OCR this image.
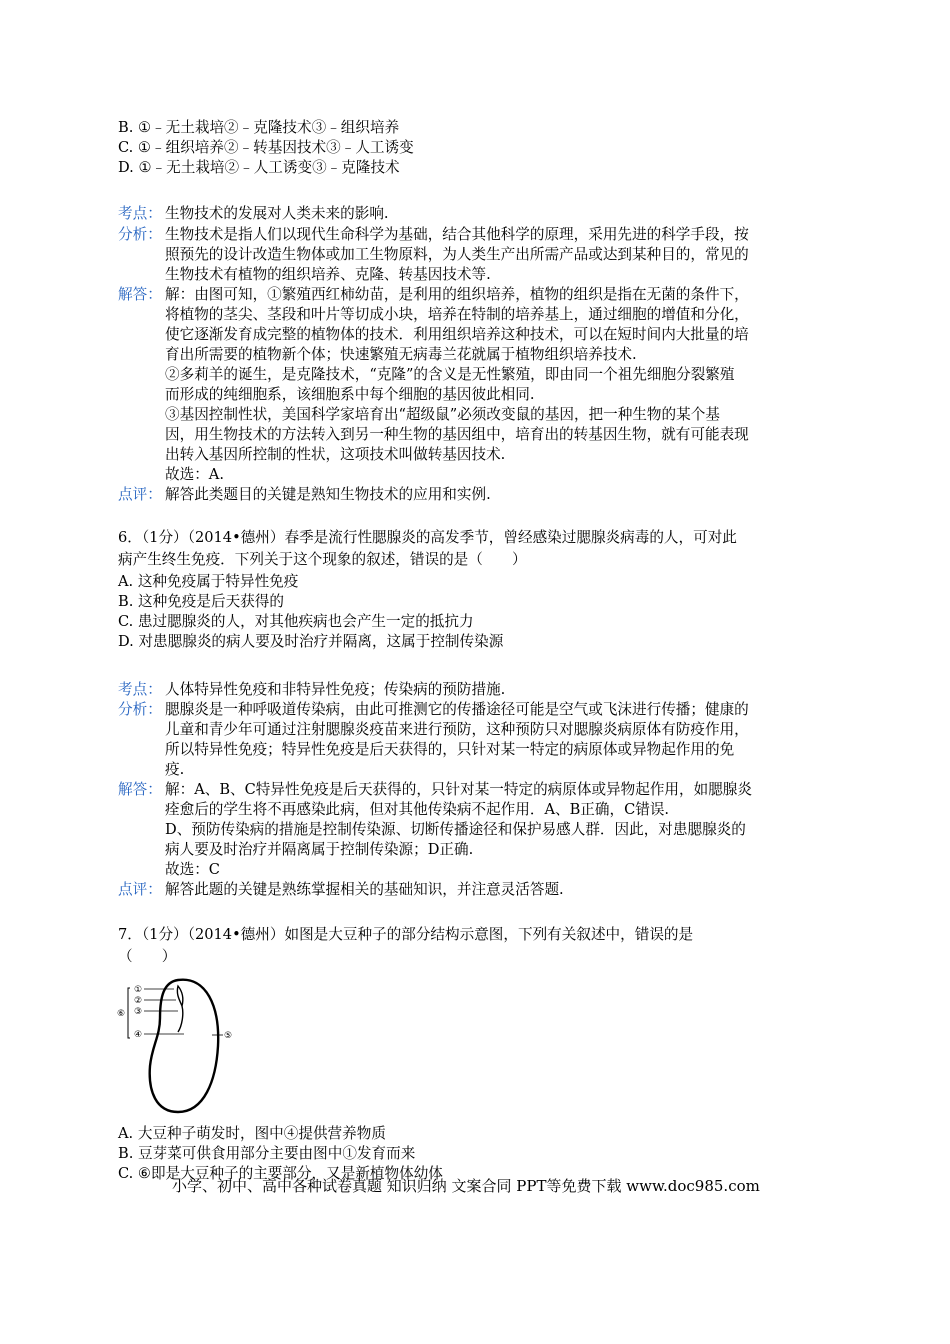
B. ①﹣无土栽培②﹣克隆技术③﹣组织培养
C. ①﹣组织培养②﹣转基因技术③﹣人工诱变
D. ①﹣无土栽培②﹣人工诱变③﹣克隆技术
考点： 生物技术的发展对人类未来的影响.
分析： 生物技术是指人们以现代生命科学为基础，结合其他科学的原理，采用先进的科学手段，按
照预先的设计改造生物体或加工生物原料，为人类生产出所需产品或达到某种目的，常见的
生物技术有植物的组织培养、克隆、转基因技术等.
解答： 解：由图可知，①繁殖西红柿幼苗，是利用的组织培养，植物的组织是指在无菌的条件下，
将植物的茎尖、茎段和叶片等切成小块，培养在特制的培养基上，通过细胞的增值和分化，
使它逐渐发育成完整的植物体的技术．利用组织培养这种技术，可以在短时间内大批量的培
育出所需要的植物新个体；快速繁殖无病毒兰花就属于植物组织培养技术.
②多莉羊的诞生，是克隆技术，“克隆”的含义是无性繁殖，即由同一个祖先细胞分裂繁殖
而形成的纯细胞系，该细胞系中每个细胞的基因彼此相同.
③基因控制性状，美国科学家培育出“超级鼠”必须改变鼠的基因，把一种生物的某个基
因，用生物技术的方法转入到另一种生物的基因组中，培育出的转基因生物，就有可能表现
出转入基因所控制的性状，这项技术叫做转基因技术.
故选：A.
点评： 解答此类题目的关键是熟知生物技术的应用和实例.
6．（1分）（2014•德州）春季是流行性腮腺炎的高发季节，曾经感染过腮腺炎病毒的人，可对此
病产生终生免疫．下列关于这个现象的叙述，错误的是（　　）
A. 这种免疫属于特异性免疫
B. 这种免疫是后天获得的
C. 患过腮腺炎的人，对其他疾病也会产生一定的抵抗力
D. 对患腮腺炎的病人要及时治疗并隔离，这属于控制传染源
考点： 人体特异性免疫和非特异性免疫；传染病的预防措施.
分析： 腮腺炎是一种呼吸道传染病，由此可推测它的传播途径可能是空气或飞沫进行传播；健康的
儿童和青少年可通过注射腮腺炎疫苗来进行预防，这种预防只对腮腺炎病原体有防疫作用，
所以特异性免疫；特异性免疫是后天获得的，只针对某一特定的病原体或异物起作用的免
疫.
解答： 解：A、B、C特异性免疫是后天获得的，只针对某一特定的病原体或异物起作用，如腮腺炎
痊愈后的学生将不再感染此病，但对其他传染病不起作用．A、B正确，C错误.
D、预防传染病的措施是控制传染源、切断传播途径和保护易感人群．因此，对患腮腺炎的
病人要及时治疗并隔离属于控制传染源；D正确.
故选：C
点评： 解答此题的关键是熟练掌握相关的基础知识，并注意灵活答题.
7．（1分）（2014•德州）如图是大豆种子的部分结构示意图，下列有关叙述中，错误的是
（　　）
①
②
③
④	⑤
⑥
A. 大豆种子萌发时，图中④提供营养物质
B. 豆芽菜可供食用部分主要由图中①发育而来
C. ⑥即是大豆种子的主要部分，又是新植物体幼体
小学、初中、高中各种试卷真题 知识归纳 文案合同 PPT等免费下载 www.doc985.com
